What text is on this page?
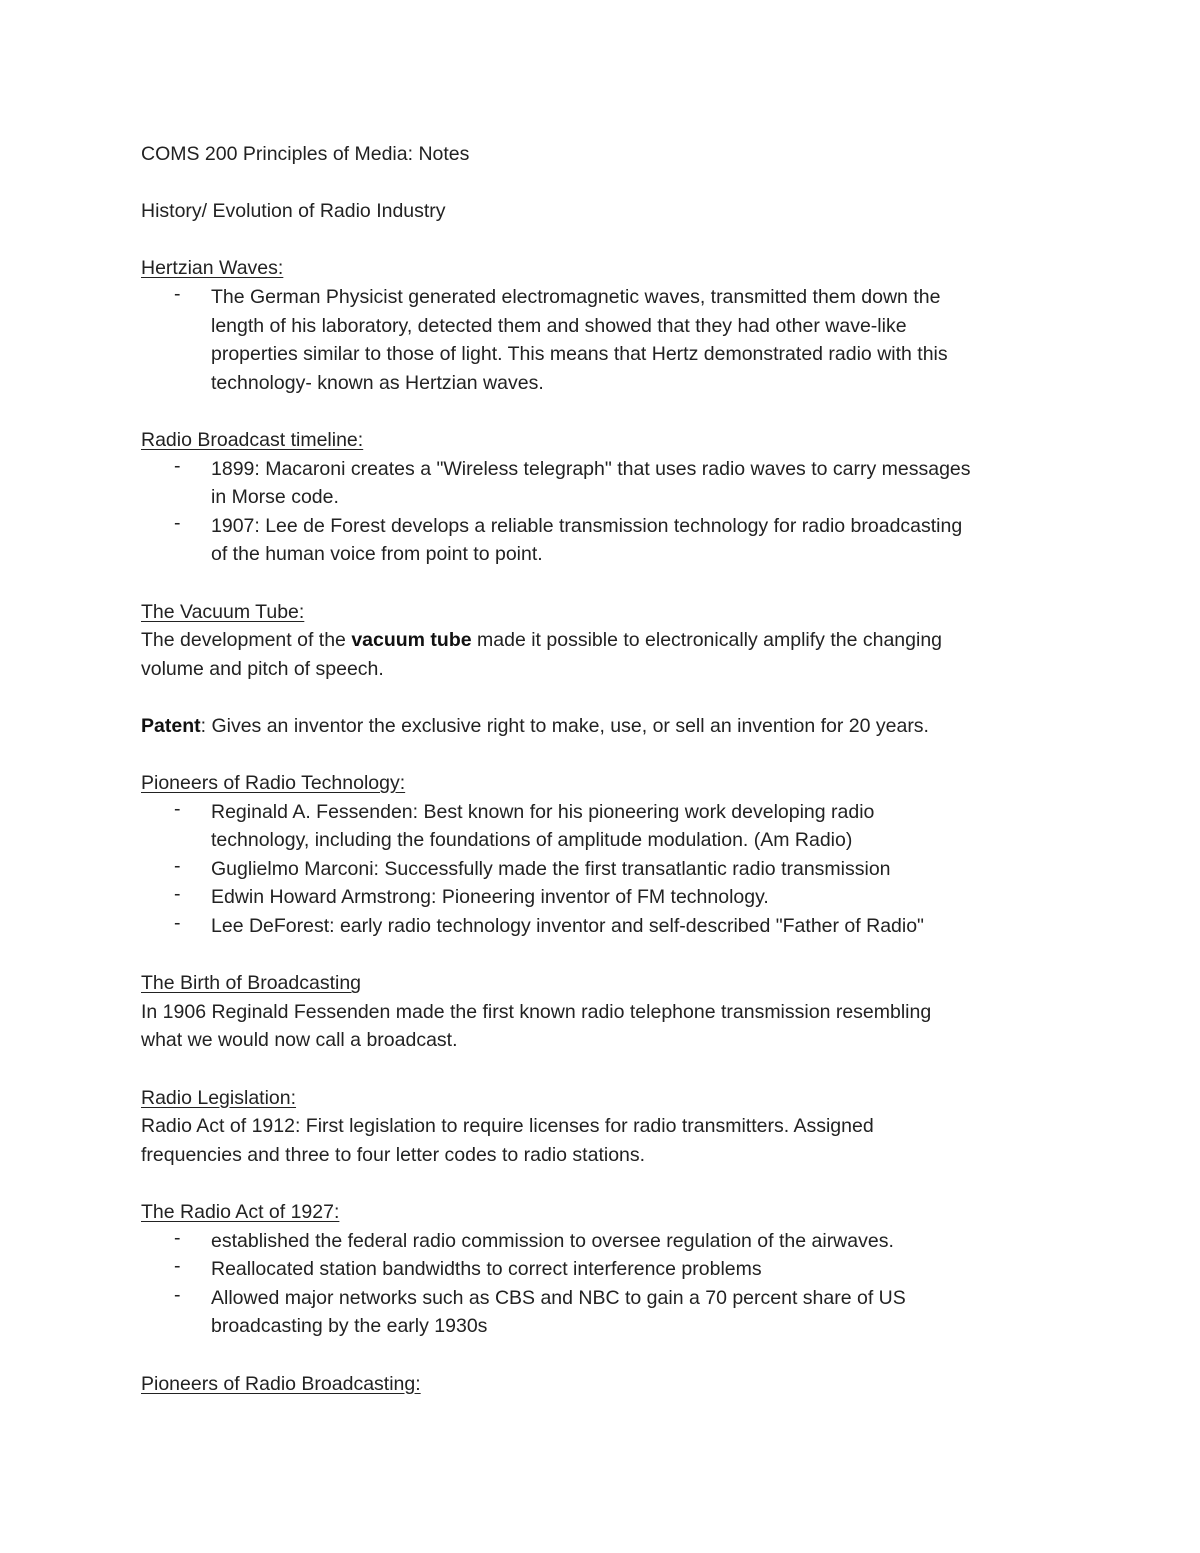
COMS 200 Principles of Media: Notes
History/ Evolution of Radio Industry
Hertzian Waves:
- The German Physicist generated electromagnetic waves, transmitted them down the
length of his laboratory, detected them and showed that they had other wave-like
properties similar to those of light. This means that Hertz demonstrated radio with this
technology- known as Hertzian waves.
Radio Broadcast timeline:
- 1899: Macaroni creates a "Wireless telegraph" that uses radio waves to carry messages
in Morse code.
- 1907: Lee de Forest develops a reliable transmission technology for radio broadcasting
of the human voice from point to point.
The Vacuum Tube:
The development of the vacuum tube made it possible to electronically amplify the changing
volume and pitch of speech.
Patent: Gives an inventor the exclusive right to make, use, or sell an invention for 20 years.
Pioneers of Radio Technology:
- Reginald A. Fessenden: Best known for his pioneering work developing radio
technology, including the foundations of amplitude modulation. (Am Radio)
- Guglielmo Marconi: Successfully made the first transatlantic radio transmission
- Edwin Howard Armstrong: Pioneering inventor of FM technology.
- Lee DeForest: early radio technology inventor and self-described "Father of Radio"
The Birth of Broadcasting
In 1906 Reginald Fessenden made the first known radio telephone transmission resembling
what we would now call a broadcast.
Radio Legislation:
Radio Act of 1912: First legislation to require licenses for radio transmitters. Assigned
frequencies and three to four letter codes to radio stations.
The Radio Act of 1927:
- established the federal radio commission to oversee regulation of the airwaves.
- Reallocated station bandwidths to correct interference problems
- Allowed major networks such as CBS and NBC to gain a 70 percent share of US
broadcasting by the early 1930s
Pioneers of Radio Broadcasting:
